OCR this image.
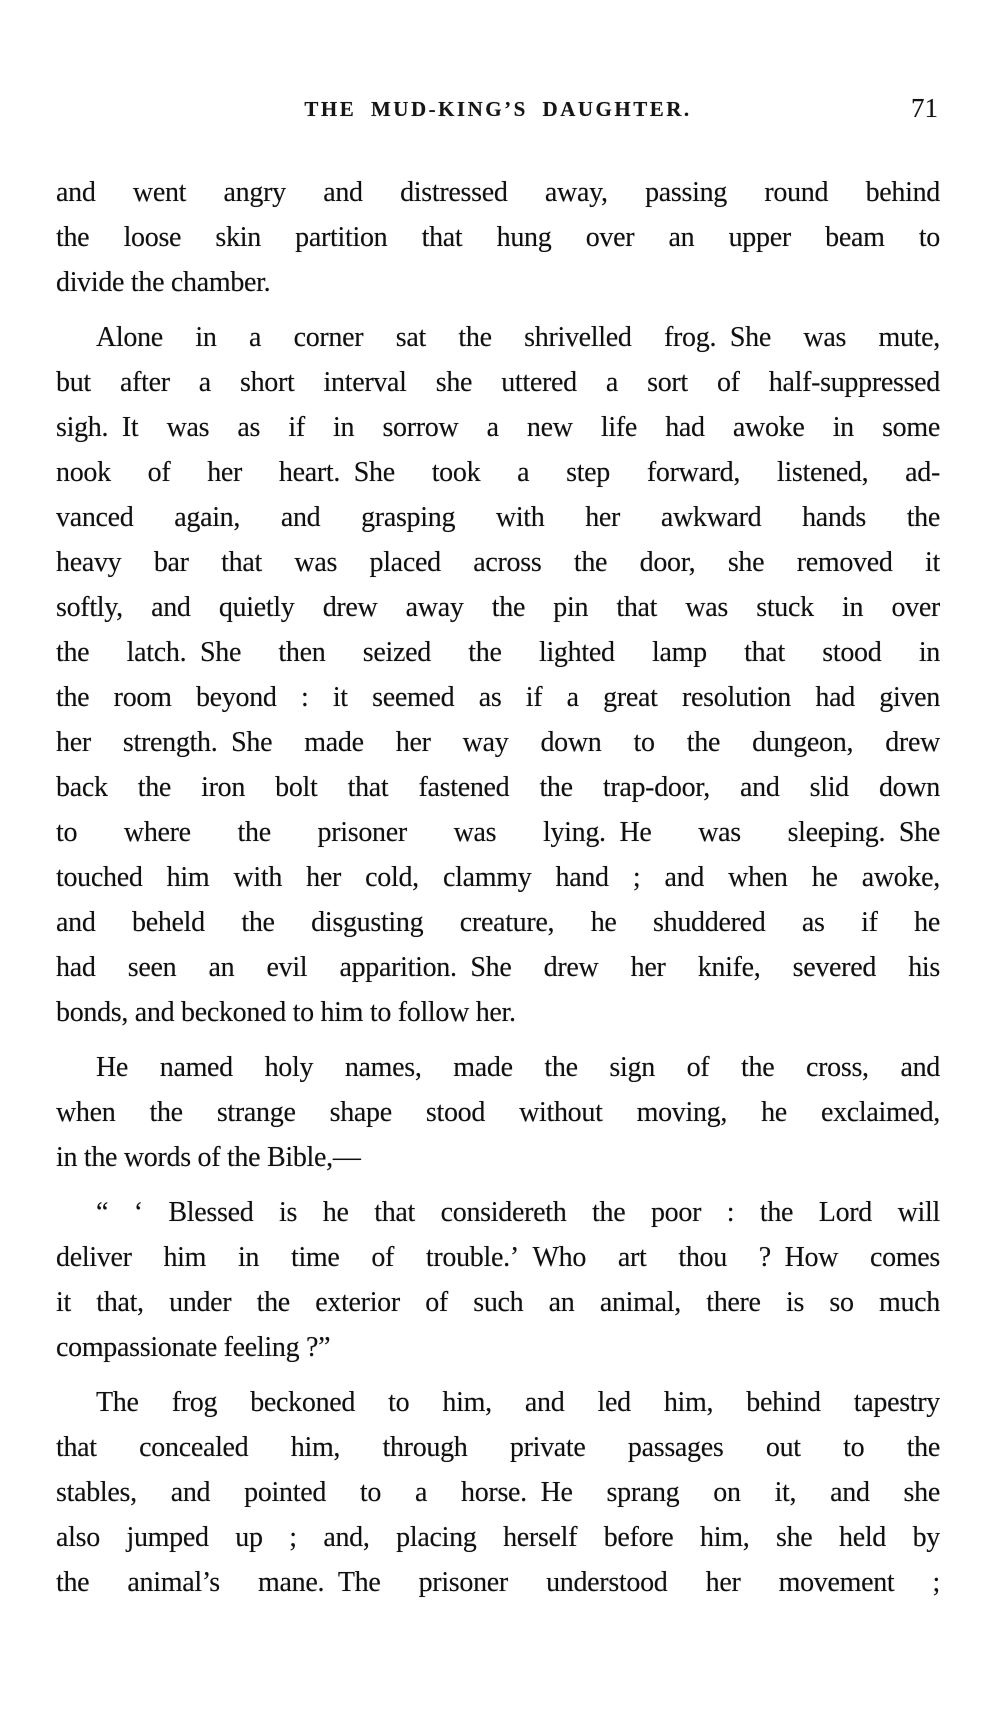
THE MUD-KING’S DAUGHTER.	71
and went angry and distressed away, passing round behind
the loose skin partition that hung over an upper beam to
divide the chamber.
Alone in a corner sat the shrivelled frog. She was mute,
but after a short interval she uttered a sort of half-suppressed
sigh. It was as if in sorrow a new life had awoke in some
nook of her heart. She took a step forward, listened, ad-
vanced again, and grasping with her awkward hands the
heavy bar that was placed across the door, she removed it
softly, and quietly drew away the pin that was stuck in over
the latch. She then seized the lighted lamp that stood in
the room beyond : it seemed as if a great resolution had given
her strength. She made her way down to the dungeon, drew
back the iron bolt that fastened the trap-door, and slid down
to where the prisoner was lying. He was sleeping. She
touched him with her cold, clammy hand ; and when he awoke,
and beheld the disgusting creature, he shuddered as if he
had seen an evil apparition. She drew her knife, severed his
bonds, and beckoned to him to follow her.
He named holy names, made the sign of the cross, and
when the strange shape stood without moving, he exclaimed,
in the words of the Bible,—
“ ‘ Blessed is he that considereth the poor : the Lord will
deliver him in time of trouble.’ Who art thou ? How comes
it that, under the exterior of such an animal, there is so much
compassionate feeling ?”
The frog beckoned to him, and led him, behind tapestry
that concealed him, through private passages out to the
stables, and pointed to a horse. He sprang on it, and she
also jumped up ; and, placing herself before him, she held by
the animal’s mane. The prisoner understood her movement ;
